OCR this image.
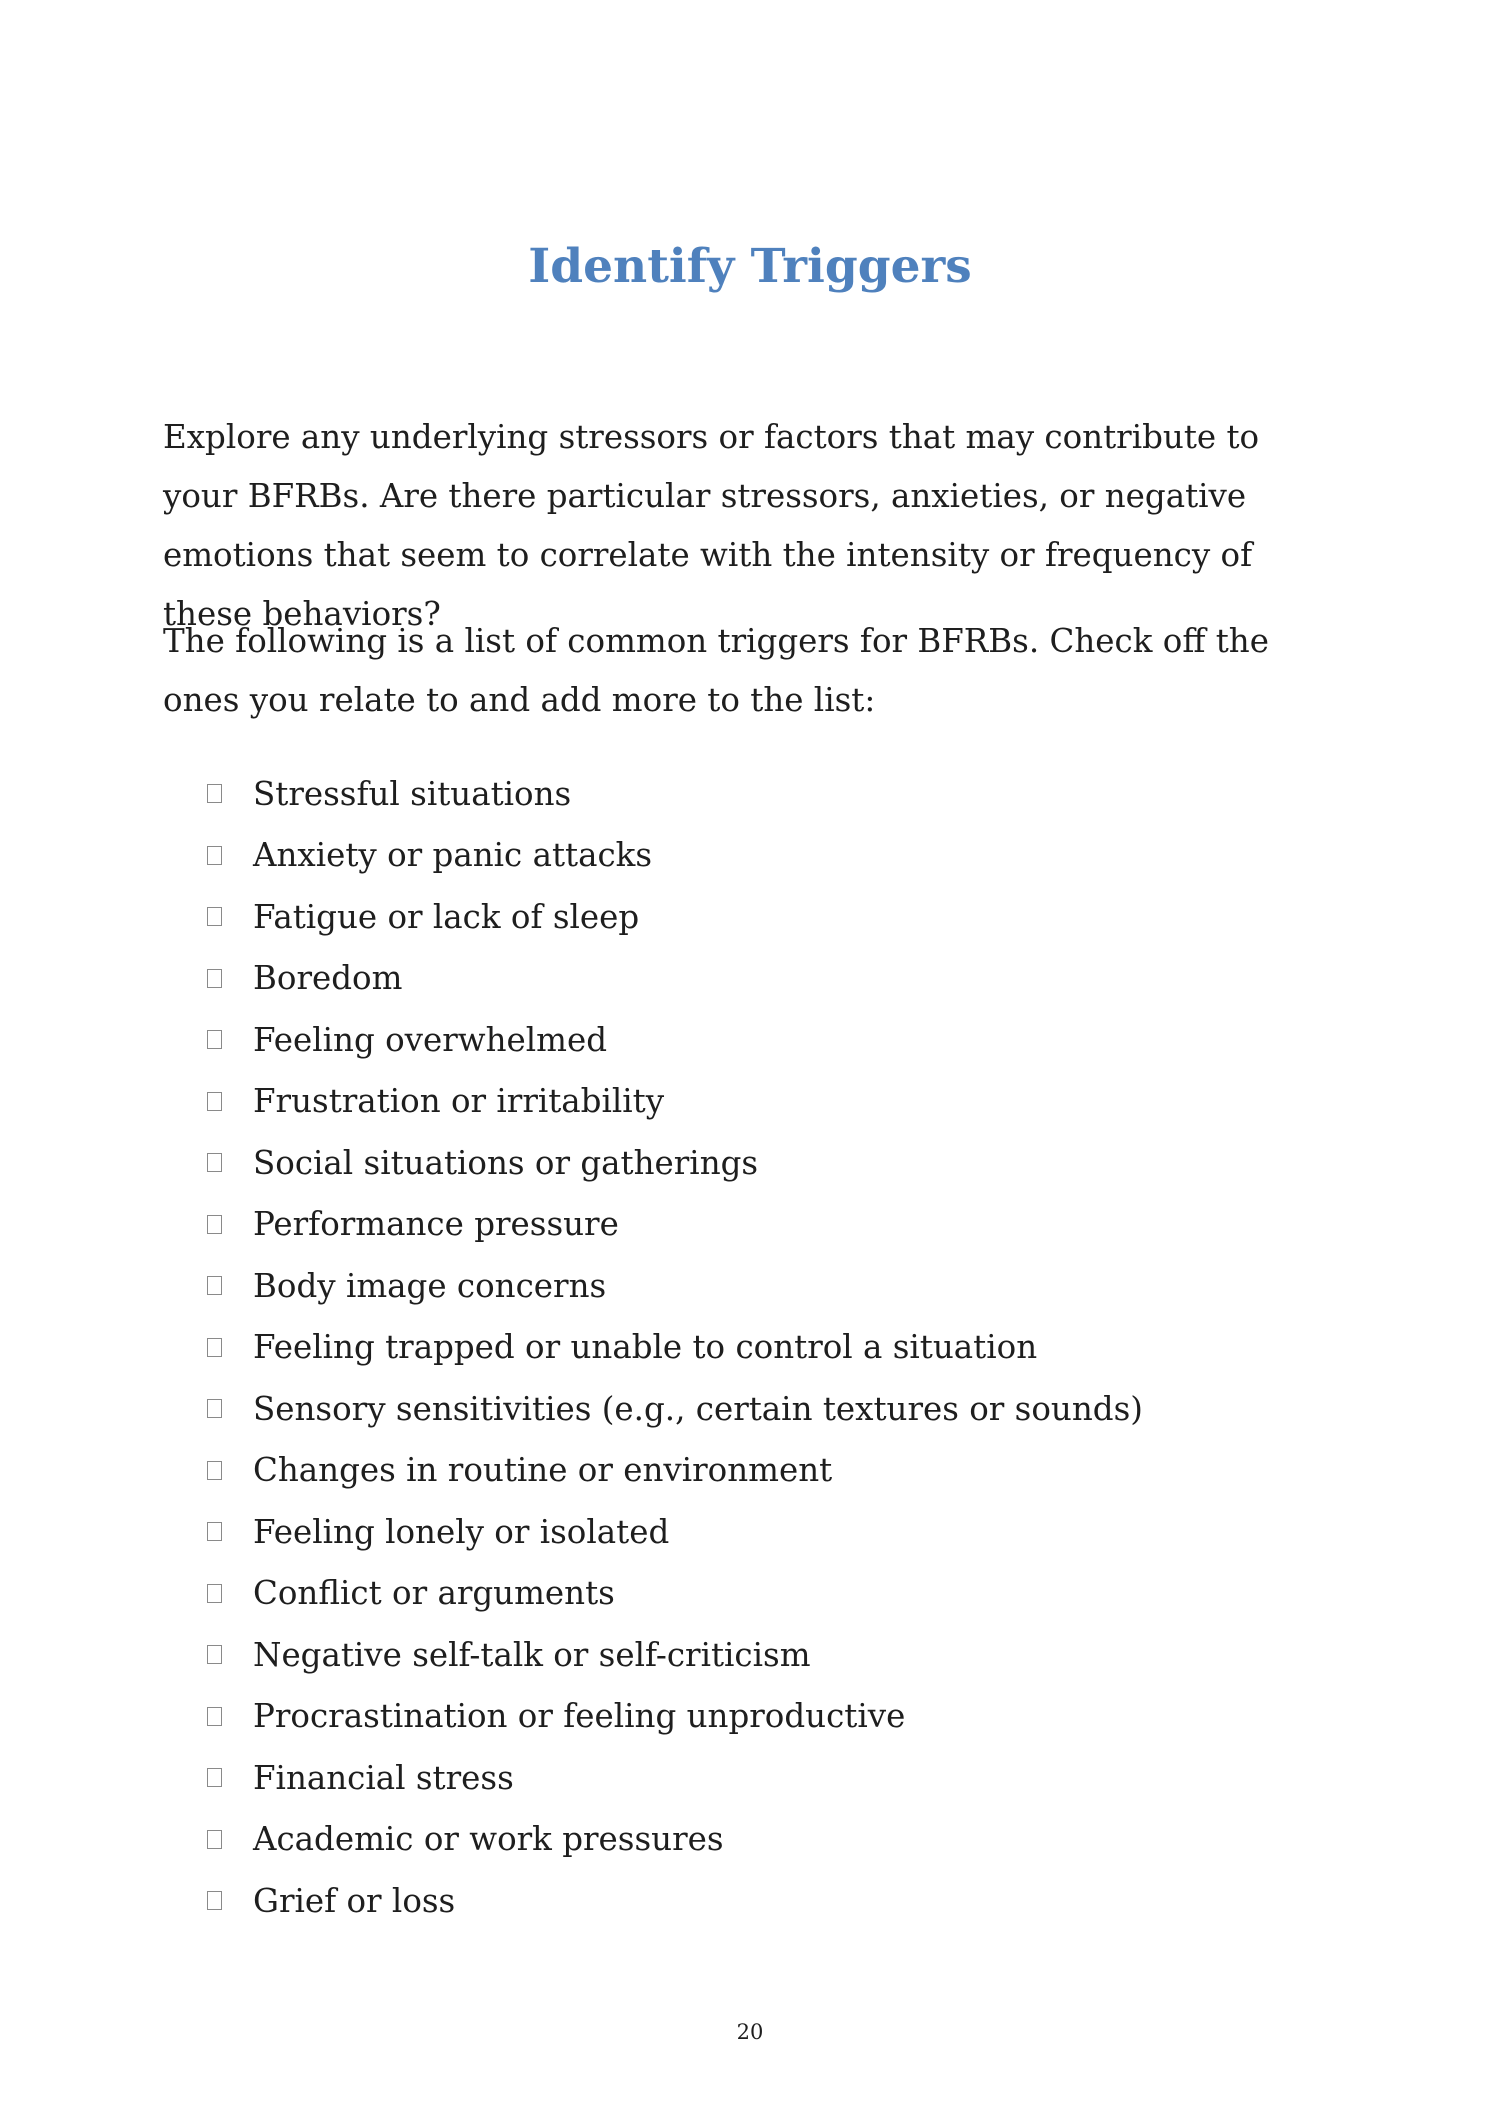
Identify Triggers

Explore any underlying stressors or factors that may contribute to your BFRBs. Are there particular stressors, anxieties, or negative emotions that seem to correlate with the intensity or frequency of these behaviors?

The following is a list of common triggers for BFRBs. Check off the ones you relate to and add more to the list:

Stressful situations
Anxiety or panic attacks
Fatigue or lack of sleep
Boredom
Feeling overwhelmed
Frustration or irritability
Social situations or gatherings
Performance pressure
Body image concerns
Feeling trapped or unable to control a situation
Sensory sensitivities (e.g., certain textures or sounds)
Changes in routine or environment
Feeling lonely or isolated
Conflict or arguments
Negative self-talk or self-criticism
Procrastination or feeling unproductive
Financial stress
Academic or work pressures
Grief or loss
20
